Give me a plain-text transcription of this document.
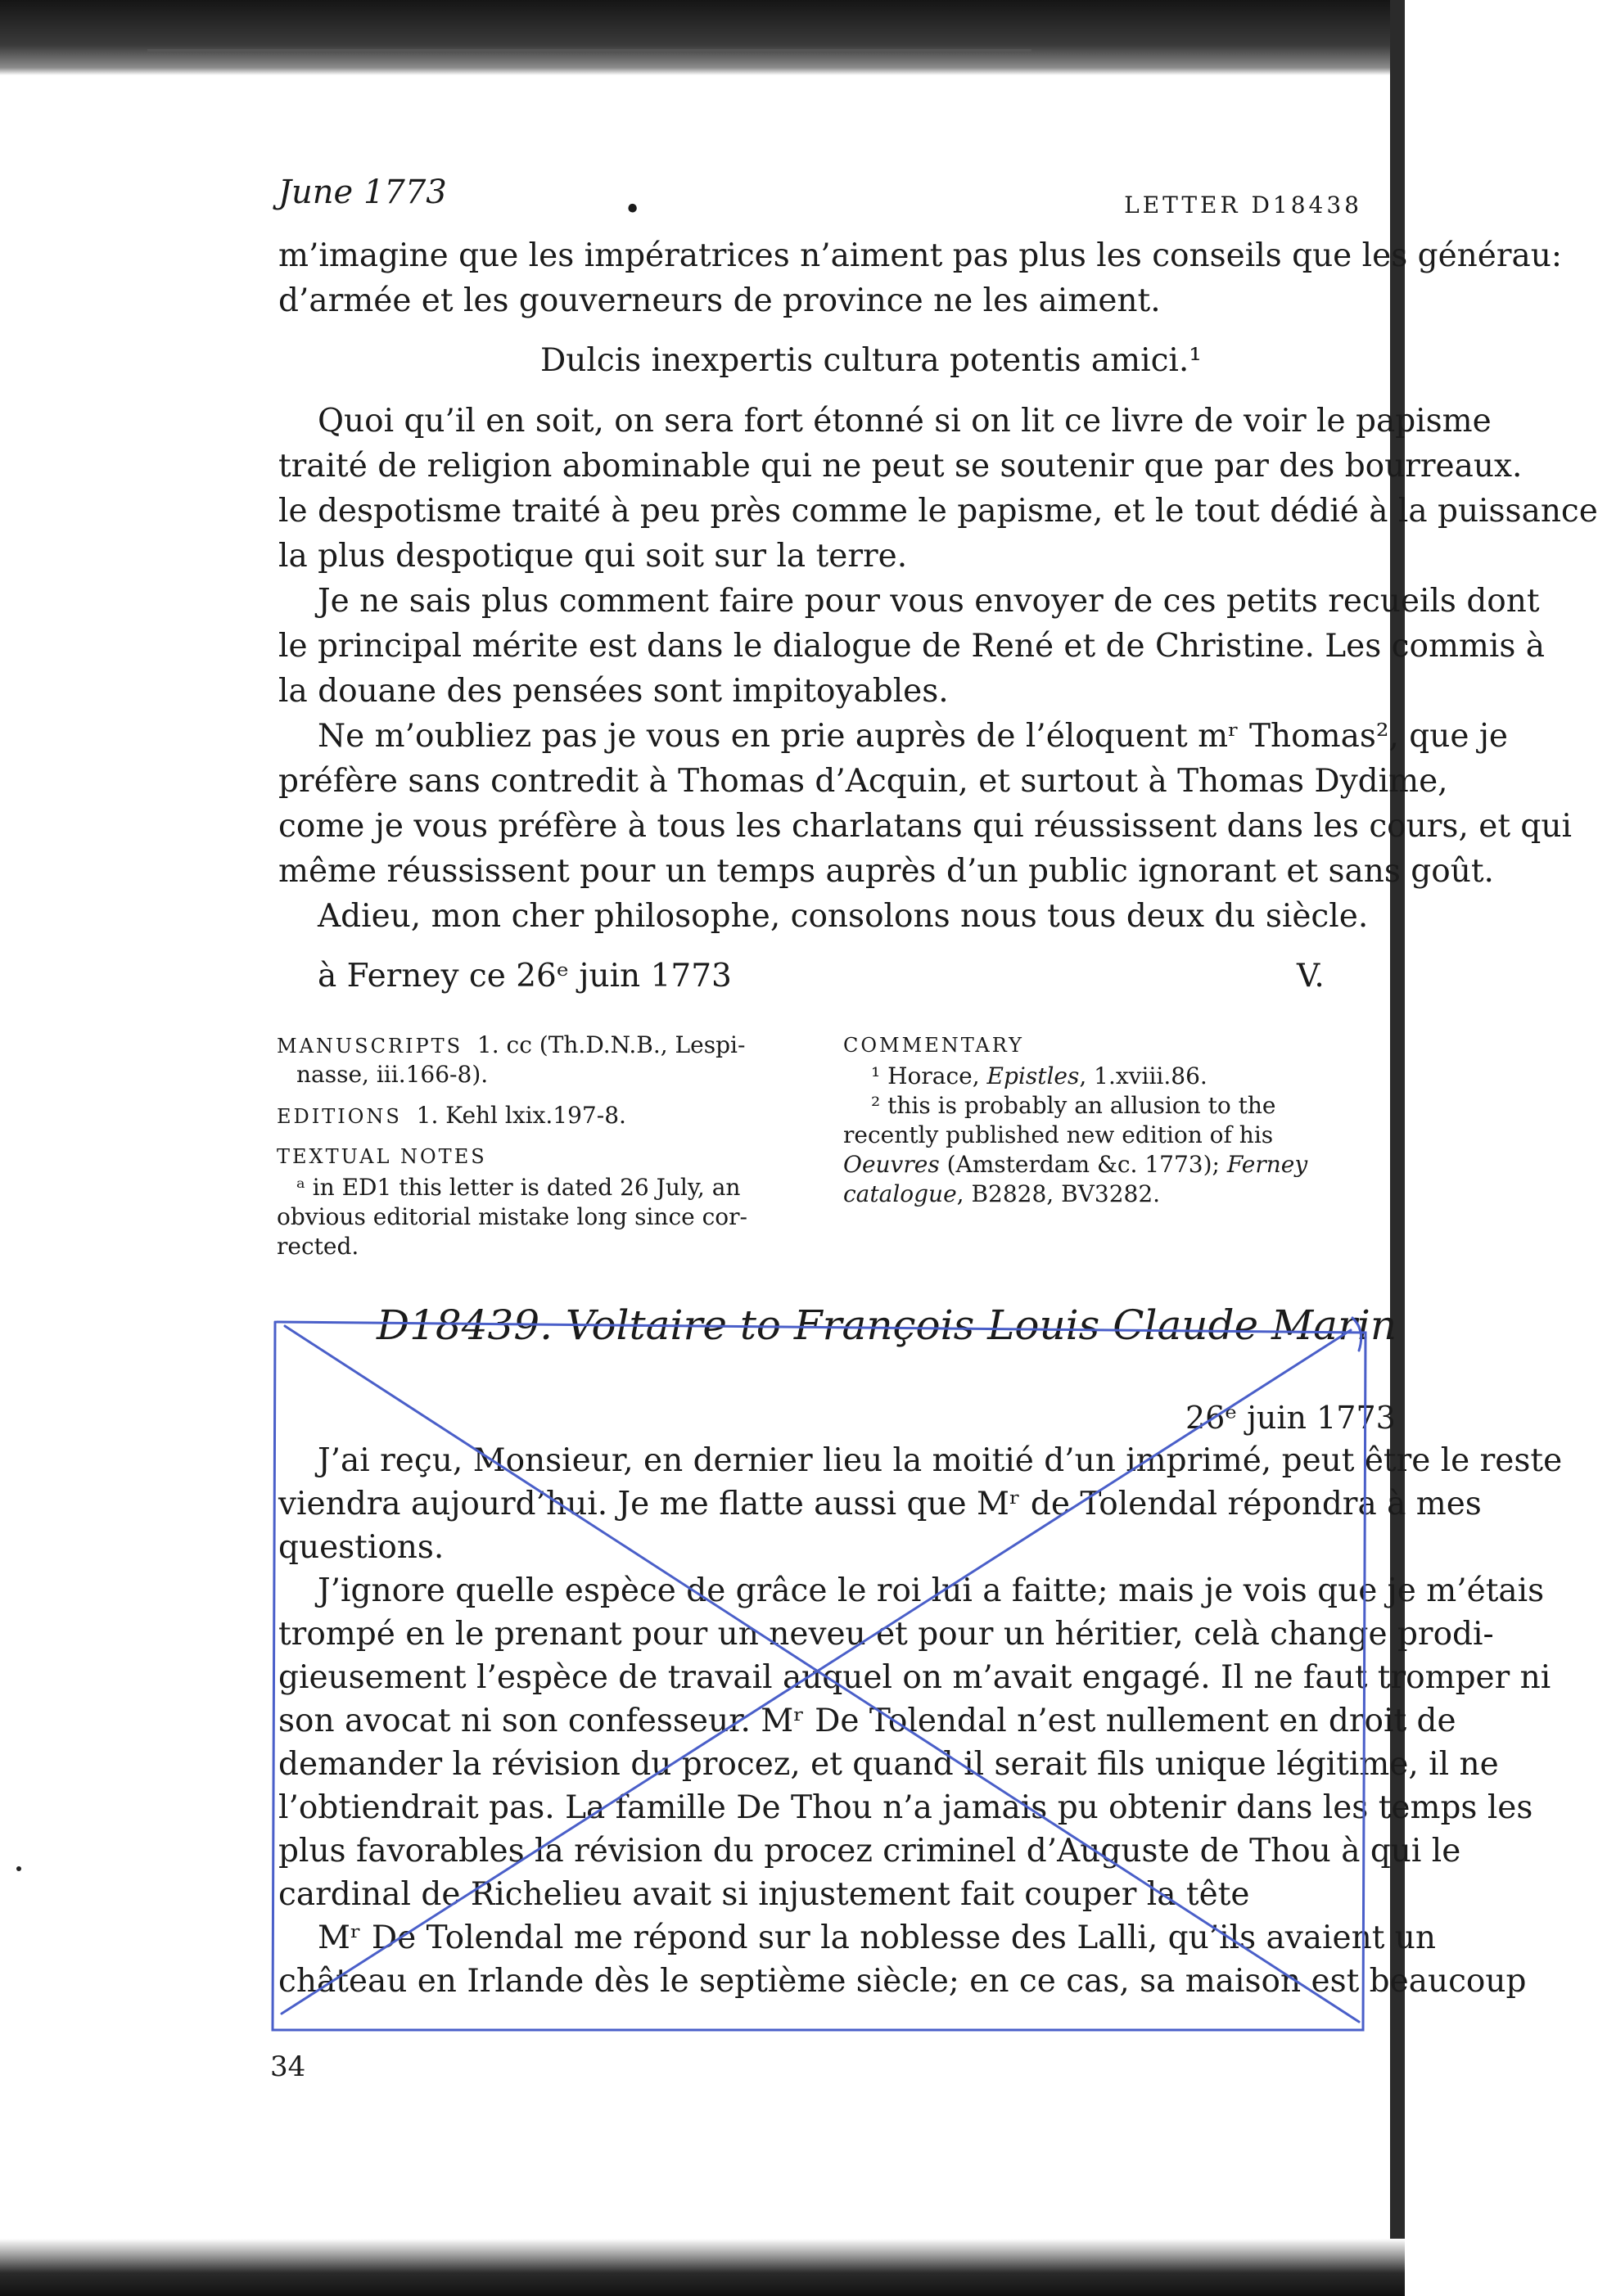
June 1773	•	LETTER D18438
m’imagine que les impératrices n’aiment pas plus les conseils que les générau:
d’armée et les gouverneurs de province ne les aiment.
Dulcis inexpertis cultura potentis amici.¹
Quoi qu’il en soit, on sera fort étonné si on lit ce livre de voir le papisme
traité de religion abominable qui ne peut se soutenir que par des bourreaux.
le despotisme traité à peu près comme le papisme, et le tout dédié à la puissance
la plus despotique qui soit sur la terre.
Je ne sais plus comment faire pour vous envoyer de ces petits recueils dont
le principal mérite est dans le dialogue de René et de Christine. Les commis à
la douane des pensées sont impitoyables.
Ne m’oubliez pas je vous en prie auprès de l’éloquent mʳ Thomas², que je
préfère sans contredit à Thomas d’Acquin, et surtout à Thomas Dydime,
come je vous préfère à tous les charlatans qui réussissent dans les cours, et qui
même réussissent pour un temps auprès d’un public ignorant et sans goût.
Adieu, mon cher philosophe, consolons nous tous deux du siècle.
à Ferney ce 26ᵉ juin 1773	V.
MANUSCRIPTS 1. cc (Th.D.N.B., Lespi-
nasse, iii.166-8).
EDITIONS 1. Kehl lxix.197-8.
TEXTUAL NOTES
ᵃ in ED1 this letter is dated 26 July, an
obvious editorial mistake long since cor-
rected.
COMMENTARY
¹ Horace, Epistles, 1.xviii.86.
² this is probably an allusion to the
recently published new edition of his
Oeuvres (Amsterdam &c. 1773); Ferney
catalogue, B2828, BV3282.
D18439. Voltaire to François Louis Claude Marin
26ᵉ juin 1773
J’ai reçu, Monsieur, en dernier lieu la moitié d’un imprimé, peut être le reste
viendra aujourd’hui. Je me flatte aussi que Mʳ de Tolendal répondra à mes
questions.
J’ignore quelle espèce de grâce le roi lui a faitte; mais je vois que je m’étais
trompé en le prenant pour un neveu et pour un héritier, celà change prodi-
gieusement l’espèce de travail auquel on m’avait engagé. Il ne faut tromper ni
son avocat ni son confesseur. Mʳ De Tolendal n’est nullement en droit de
demander la révision du procez, et quand il serait fils unique légitime, il ne
l’obtiendrait pas. La famille De Thou n’a jamais pu obtenir dans les temps les
plus favorables la révision du procez criminel d’Auguste de Thou à qui le
cardinal de Richelieu avait si injustement fait couper la tête
Mʳ De Tolendal me répond sur la noblesse des Lalli, qu’ils avaient un
château en Irlande dès le septième siècle; en ce cas, sa maison est beaucoup
34
